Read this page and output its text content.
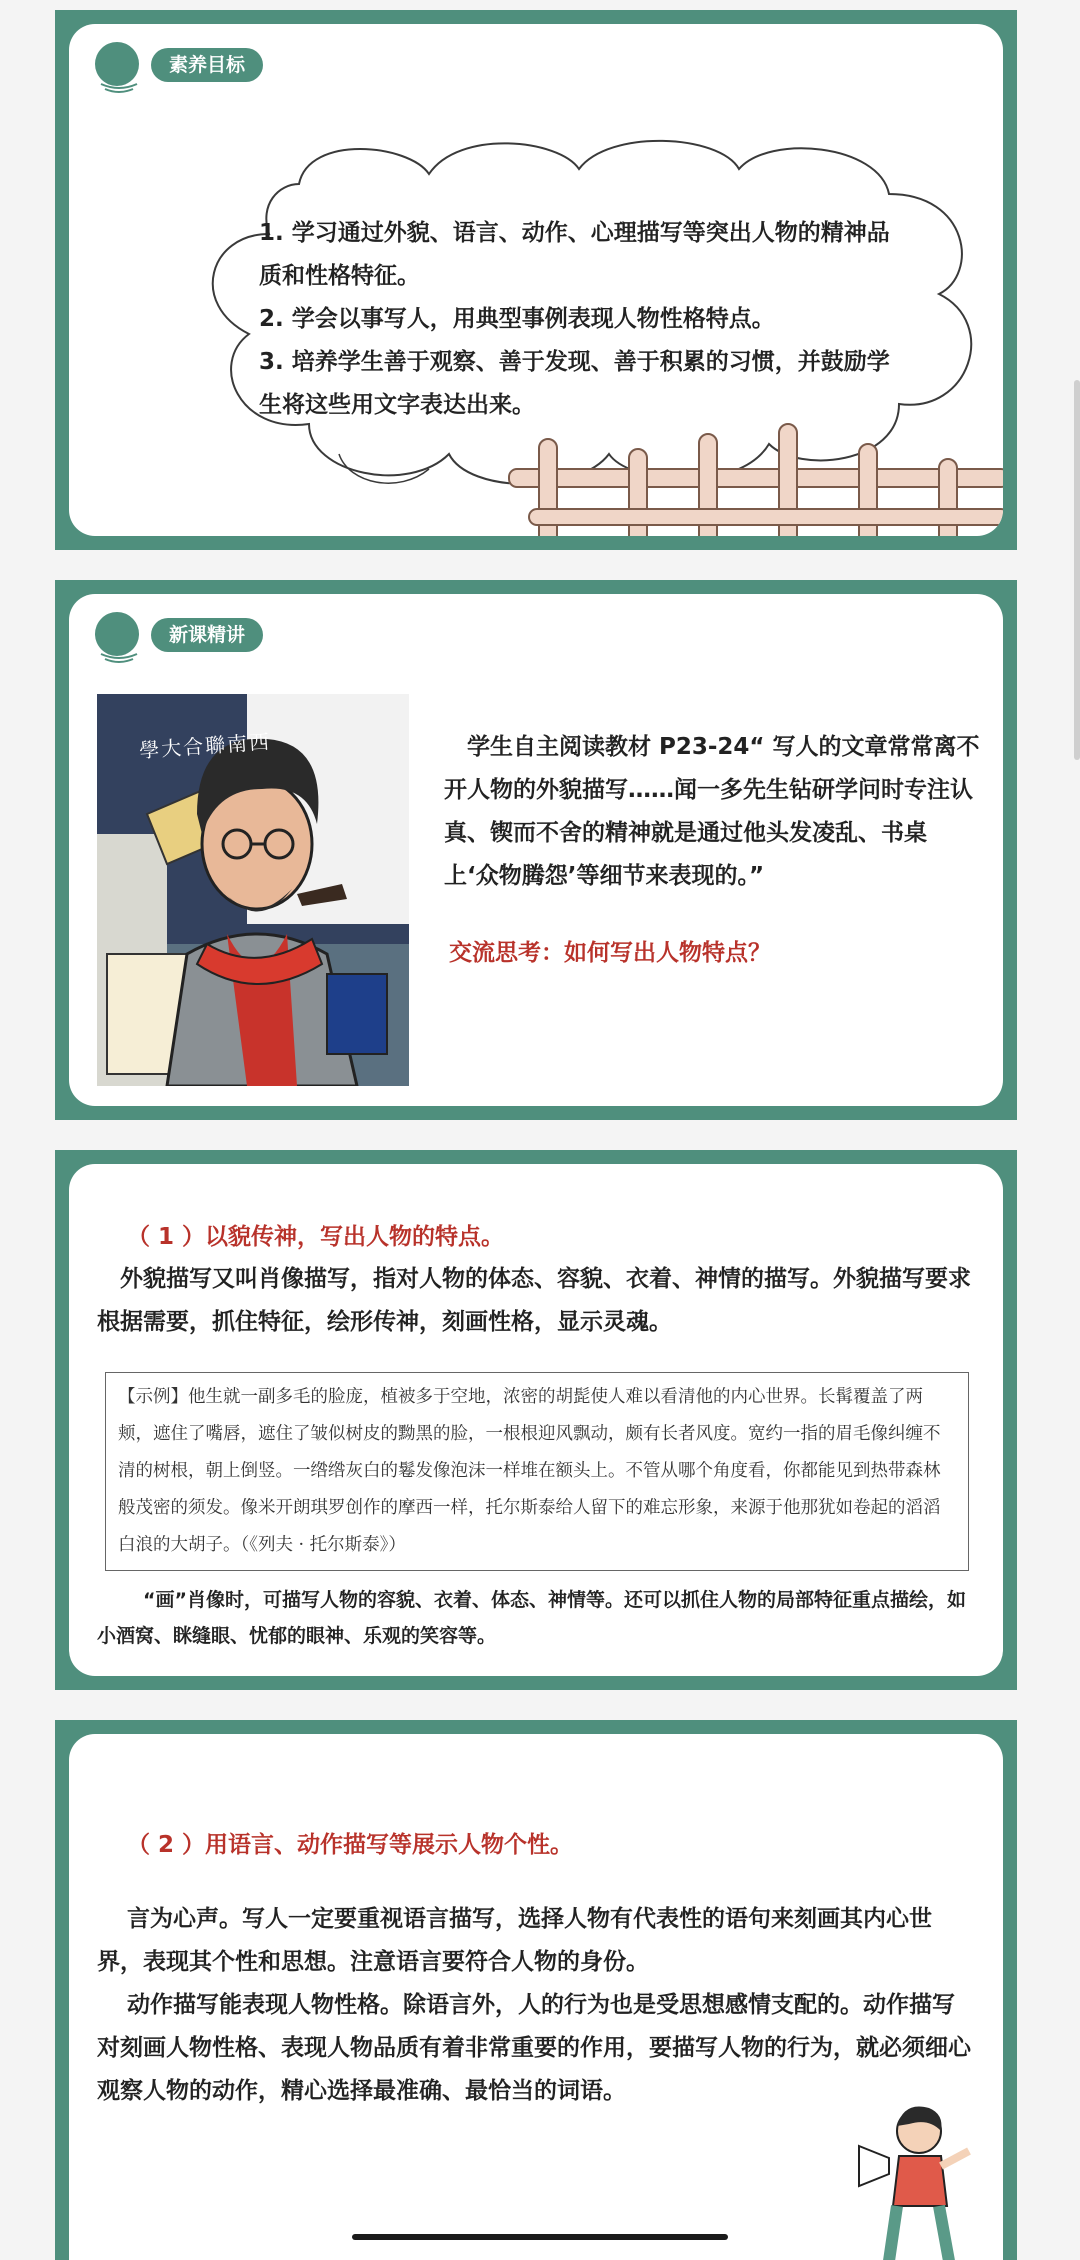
素养目标
1. 学习通过外貌、语言、动作、心理描写等突出人物的精神品质和性格特征。
2. 学会以事写人，用典型事例表现人物性格特点。
3. 培养学生善于观察、善于发现、善于积累的习惯，并鼓励学生将这些用文字表达出来。
新课精讲
學大合聯南西	学生自主阅读教材 P23-24“ 写人的文章常常离不开人物的外貌描写……闻一多先生钻研学问时专注认真、锲而不舍的精神就是通过他头发凌乱、书桌上‘众物腾怨’等细节来表现的。”
交流思考：如何写出人物特点？
（ 1 ）以貌传神，写出人物的特点。
外貌描写又叫肖像描写，指对人物的体态、容貌、衣着、神情的描写。外貌描写要求根据需要，抓住特征，绘形传神，刻画性格，显示灵魂。
【示例】他生就一副多毛的脸庞，植被多于空地，浓密的胡髭使人难以看清他的内心世界。长髯覆盖了两颊，遮住了嘴唇，遮住了皱似树皮的黝黑的脸，一根根迎风飘动，颇有长者风度。宽约一指的眉毛像纠缠不清的树根，朝上倒竖。一绺绺灰白的鬈发像泡沫一样堆在额头上。不管从哪个角度看，你都能见到热带森林般茂密的须发。像米开朗琪罗创作的摩西一样，托尔斯泰给人留下的难忘形象，来源于他那犹如卷起的滔滔白浪的大胡子。（《列夫 · 托尔斯泰》）
“画”肖像时，可描写人物的容貌、衣着、体态、神情等。还可以抓住人物的局部特征重点描绘，如小酒窝、眯缝眼、忧郁的眼神、乐观的笑容等。
（ 2 ）用语言、动作描写等展示人物个性。
言为心声。写人一定要重视语言描写，选择人物有代表性的语句来刻画其内心世界，表现其个性和思想。注意语言要符合人物的身份。
动作描写能表现人物性格。除语言外，人的行为也是受思想感情支配的。动作描写对刻画人物性格、表现人物品质有着非常重要的作用，要描写人物的行为，就必须细心观察人物的动作，精心选择最准确、最恰当的词语。
